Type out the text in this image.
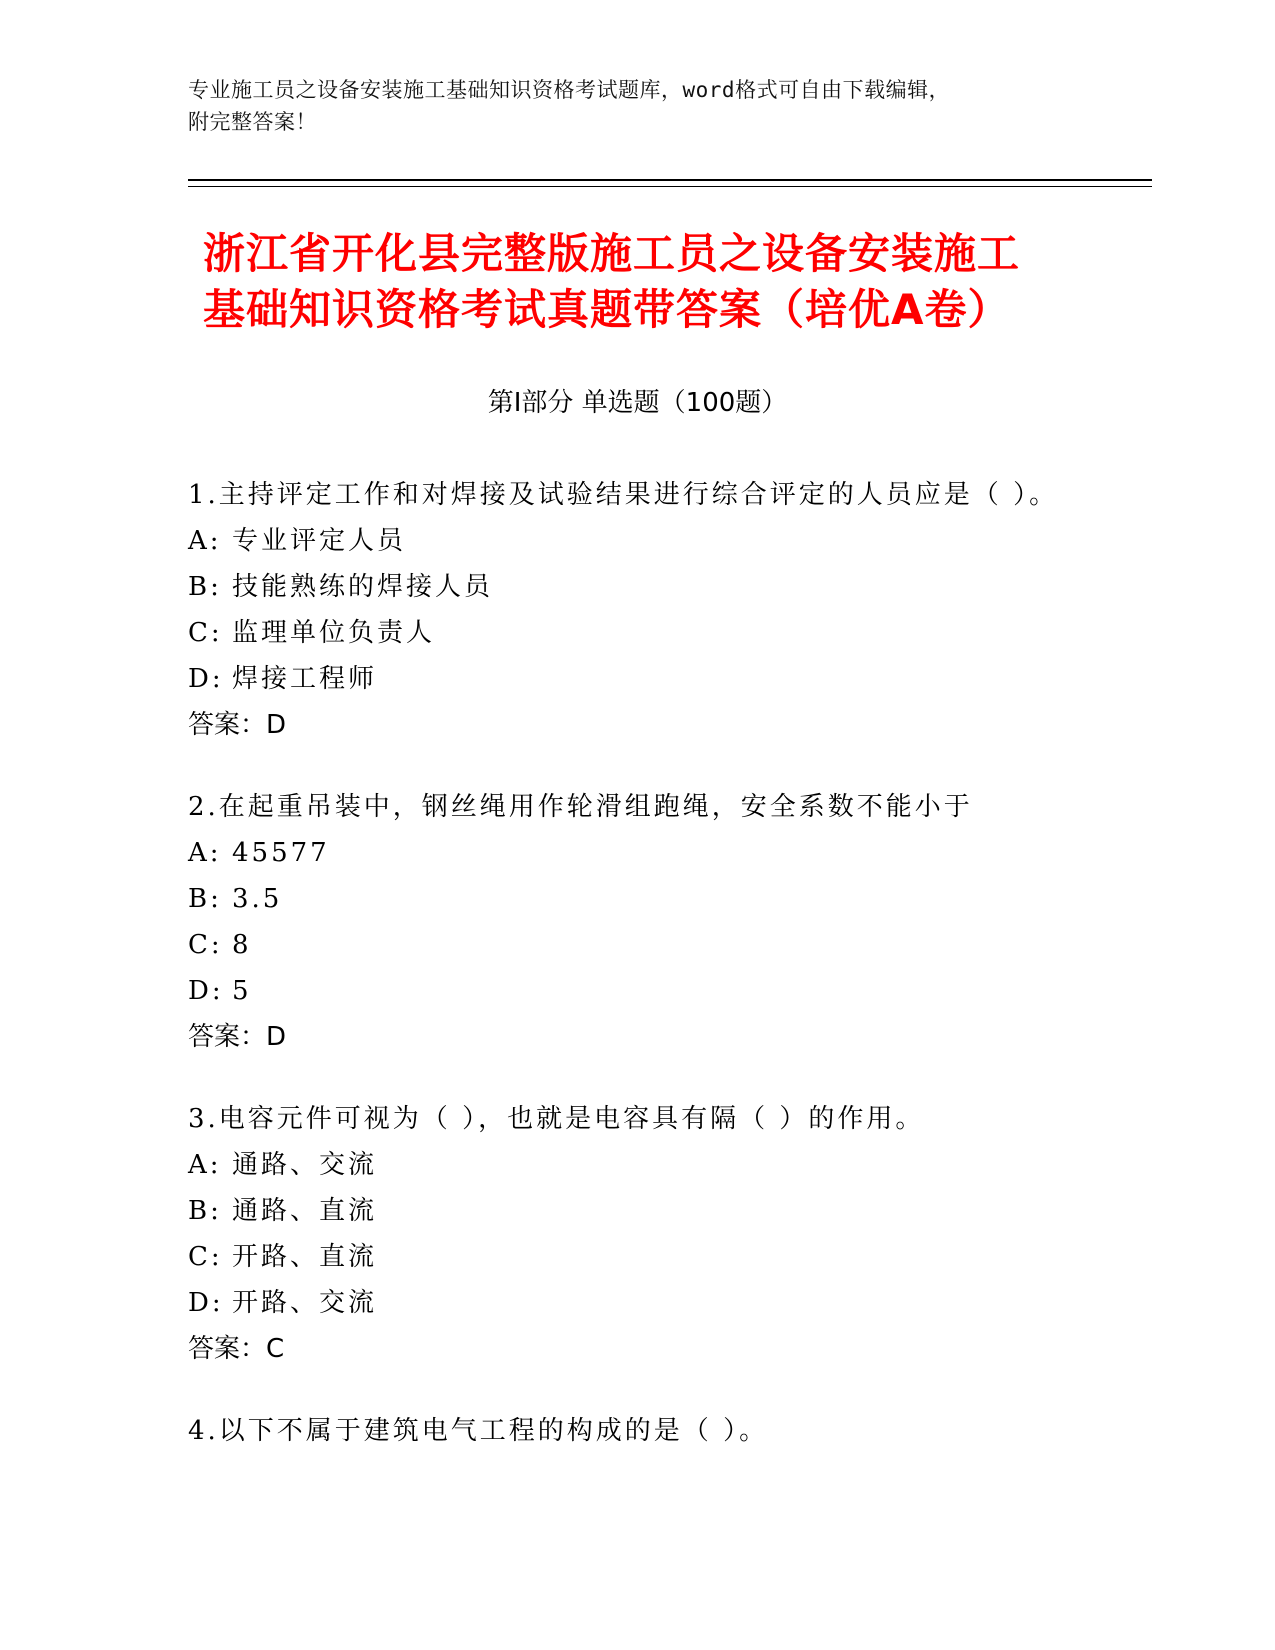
专业施工员之设备安装施工基础知识资格考试题库，word格式可自由下载编辑，
附完整答案！
浙江省开化县完整版施工员之设备安装施工
基础知识资格考试真题带答案（培优A卷）
第Ⅰ部分 单选题（100题）
1.主持评定工作和对焊接及试验结果进行综合评定的人员应是（ ）。
A: 专业评定人员
B: 技能熟练的焊接人员
C: 监理单位负责人
D: 焊接工程师
答案：D
2.在起重吊装中，钢丝绳用作轮滑组跑绳，安全系数不能小于
A: 45577
B: 3.5
C: 8
D: 5
答案：D
3.电容元件可视为（ ），也就是电容具有隔（ ）的作用。
A: 通路、交流
B: 通路、直流
C: 开路、直流
D: 开路、交流
答案：C
4.以下不属于建筑电气工程的构成的是（ ）。
